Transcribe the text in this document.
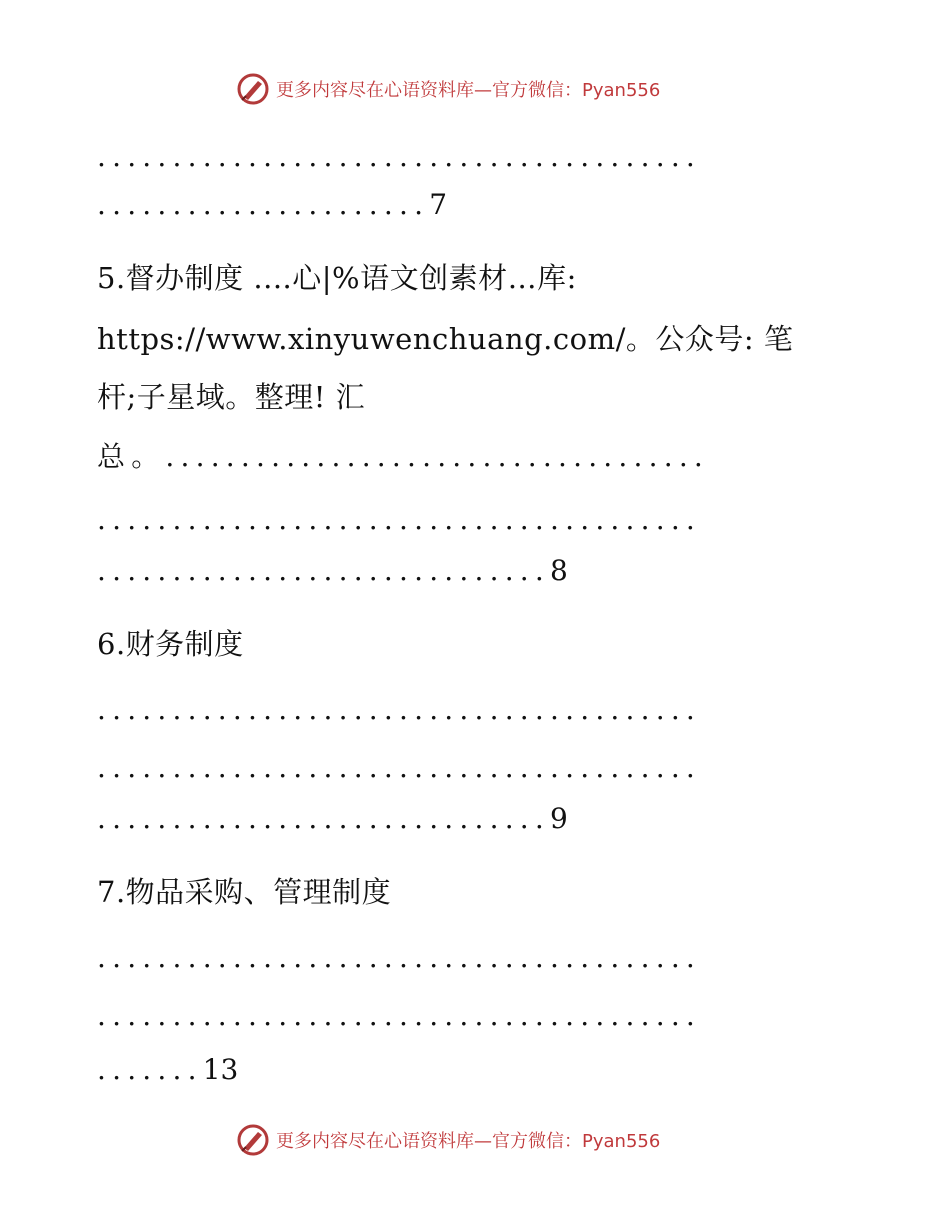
更多内容尽在心语资料库—官方微信：Pyan556
........................................
......................7
5.督办制度 ....心|%语文创素材…库:
https://www.xinyuwenchuang.com/。公众号: 笔
杆;子星域。整理! 汇
总。....................................
........................................
..............................8
6.财务制度
........................................
........................................
..............................9
7.物品采购、管理制度
........................................
........................................
.......13
更多内容尽在心语资料库—官方微信：Pyan556
